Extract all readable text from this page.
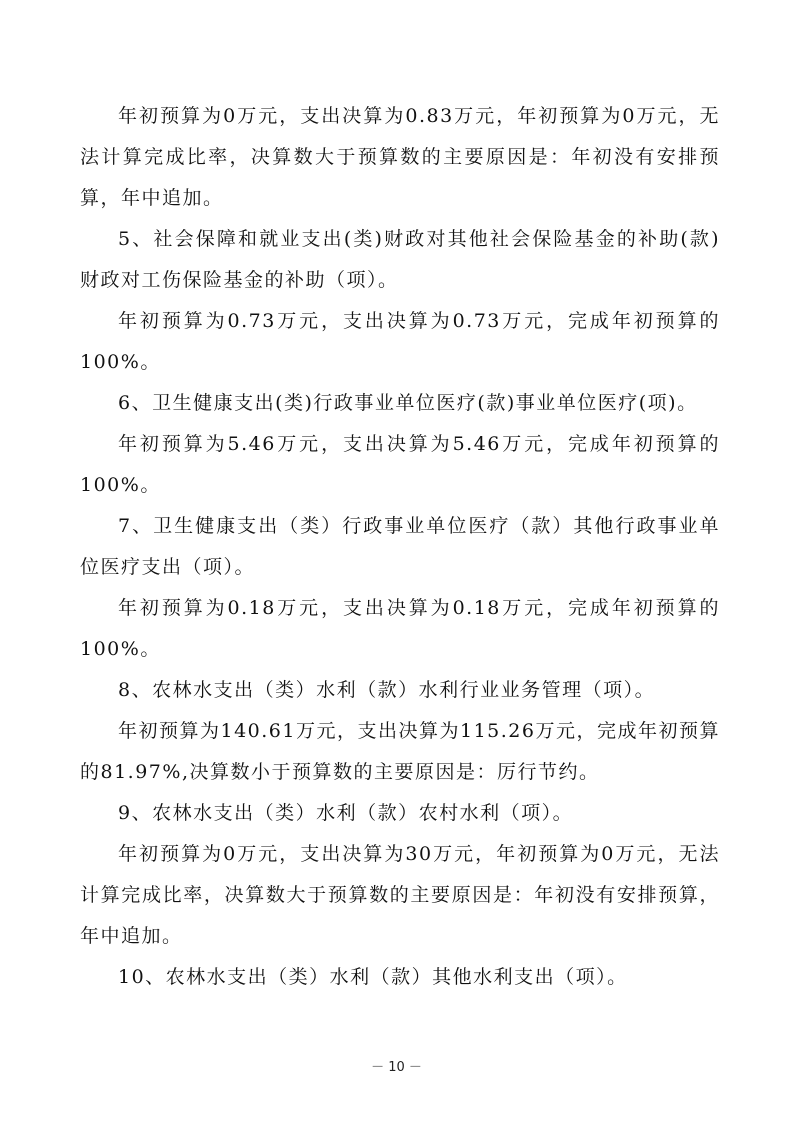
年初预算为0万元，支出决算为0.83万元，年初预算为0万元，无法计算完成比率，决算数大于预算数的主要原因是：年初没有安排预算，年中追加。

5、社会保障和就业支出(类)财政对其他社会保险基金的补助(款)财政对工伤保险基金的补助（项）。

年初预算为0.73万元，支出决算为0.73万元，完成年初预算的100%。

6、卫生健康支出(类)行政事业单位医疗(款)事业单位医疗(项)。

年初预算为5.46万元，支出决算为5.46万元，完成年初预算的100%。

7、卫生健康支出（类）行政事业单位医疗（款）其他行政事业单位医疗支出（项）。

年初预算为0.18万元，支出决算为0.18万元，完成年初预算的100%。

8、农林水支出（类）水利（款）水利行业业务管理（项）。

年初预算为140.61万元，支出决算为115.26万元，完成年初预算的81.97%,决算数小于预算数的主要原因是：厉行节约。

9、农林水支出（类）水利（款）农村水利（项）。

年初预算为0万元，支出决算为30万元，年初预算为0万元，无法计算完成比率，决算数大于预算数的主要原因是：年初没有安排预算，年中追加。

10、农林水支出（类）水利（款）其他水利支出（项）。

－ 10 －
